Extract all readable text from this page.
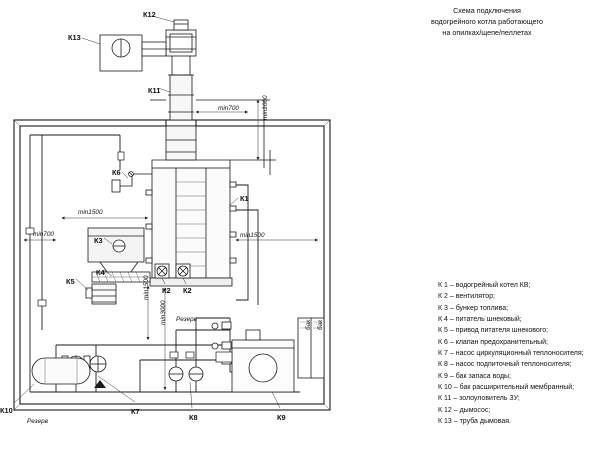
Схема подключения
водогрейного котла работающего
на опилках/щепе/пеллетах
К 1 – водогрейный котел КВ;
К 2 – вентилятор;
К 3 – бункер топлива;
К 4 – питатель шнековый;
К 5 – привод питателя шнекового;
К 6 – клапан предохранительный;
К 7 – насос циркуляционный теплоносителя;
К 8 – насос подпиточный теплоносителя;
К 9 – бак запаса воды;
К 10 – бак расширительный мембранный;
К 11 – золоуловитель ЗУ;
К 12 – дымосос;
К 13 – труба дымовая.
К1
К2 К2
К3
К4
К5
К6
К7
К8	К9
К10
К11
К12
К13
min700	min1000
min1500
min1500
min700
min1500
min3000 Резерв
Резерв
бак бак
